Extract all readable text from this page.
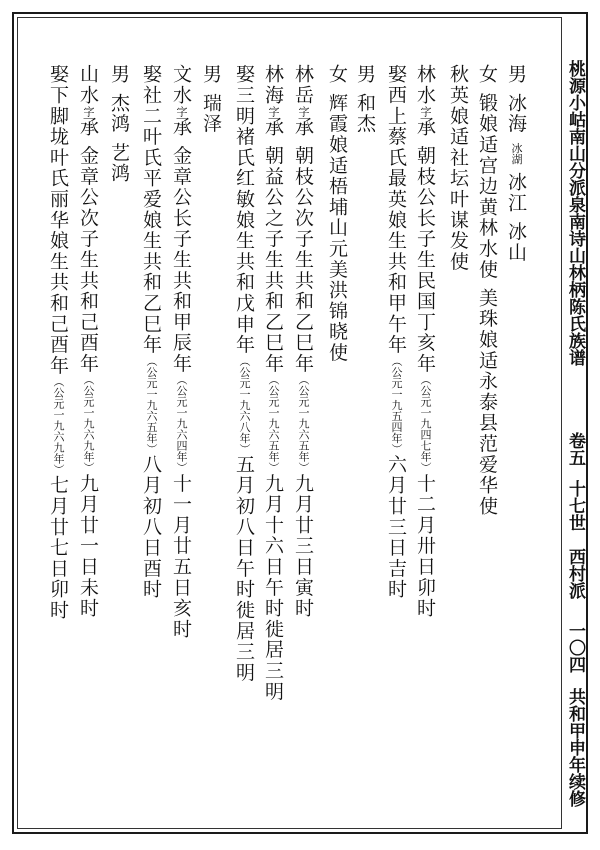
桃源小岵南山分派泉南诗山林柄陈氏族谱
卷五
十七世
西村派
一〇四
共和甲申年续修
男 冰海 冰湖 冰江 冰山
女 锻娘适宫边黄林水使 美珠娘适永泰县范爱华使
秋英娘适社坛叶谋发使
林水字承 朝枝公长子生民国丁亥年（公元一九四七年）十二月卅日卯时
娶西上蔡氏最英娘生共和甲午年（公元一九五四年）六月廿三日吉时
男 和杰
女 辉霞娘适梧埔山元美洪锦晓使
林岳字承 朝枝公次子生共和乙巳年（公元一九六五年）九月廿三日寅时
林海字承 朝益公之子生共和乙巳年（公元一九六五年）九月十六日午时徙居三明
娶三明褚氏红敏娘生共和戊申年（公元一九六八年）五月初八日午时徙居三明
男 瑞泽
文水字承 金章公长子生共和甲辰年（公元一九六四年）十一月廿五日亥时
娶社二叶氏平爱娘生共和乙巳年（公元一九六五年）八月初八日酉时
男 杰鸿 艺鸿
山水字承 金章公次子生共和己酉年（公元一九六九年）九月廿一日未时
娶下脚垅叶氏丽华娘生共和己酉年（公元一九六九年）七月廿七日卯时
